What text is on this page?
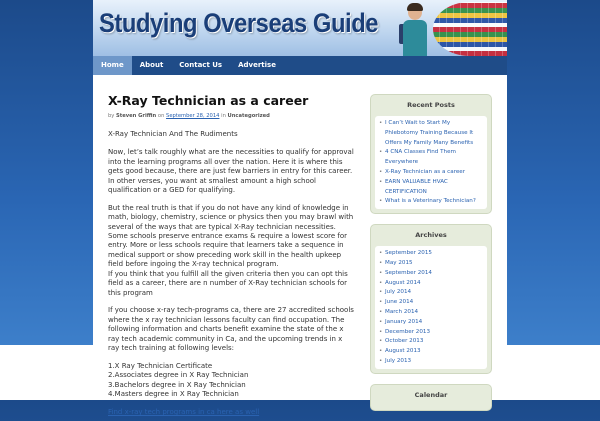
Studying Overseas Guide
Home	About	Contact Us	Advertise
X-Ray Technician as a career
by Steven Griffin on September 28, 2014 in Uncategorized

X-Ray Technician And The Rudiments

Now, let’s talk roughly what are the necessities to qualify for approval into the learning programs all over the nation. Here it is where this gets good because, there are just few barriers in entry for this career. In other verses, you want at smallest amount a high school qualification or a GED for qualifying.

But the real truth is that if you do not have any kind of knowledge in math, biology, chemistry, science or physics then you may brawl with several of the ways that are typical X-Ray technician necessities. Some schools preserve entrance exams & require a lowest score for entry. More or less schools require that learners take a sequence in medical support or show preceding work skill in the health upkeep field before ingoing the X-ray technical program.
If you think that you fulfill all the given criteria then you can opt this field as a career, there are n number of X-Ray technician schools for this program

If you choose x-ray tech-programs ca, there are 27 accredited schools where the x ray technician lessons faculty can find occupation. The following information and charts benefit examine the state of the x ray tech academic community in Ca, and the upcoming trends in x ray tech training at following levels:

1.X Ray Technician Certificate
2.Associates degree in X Ray Technician
3.Bachelors degree in X Ray Technician
4.Masters degree in X Ray Technician

Find x-ray tech programs in ca here as well

Recent Posts
• I Can’t Wait to Start My Phlebotomy Training Because It Offers My Family Many Benefits
• 4 CNA Classes Find Them Everywhere
• X-Ray Technician as a career
• EARN VALUABLE HVAC CERTIFICATION
• What is a Veterinary Technician?
Archives
• September 2015
• May 2015
• September 2014
• August 2014
• July 2014
• June 2014
• March 2014
• January 2014
• December 2013
• October 2013
• August 2013
• July 2013
Calendar
